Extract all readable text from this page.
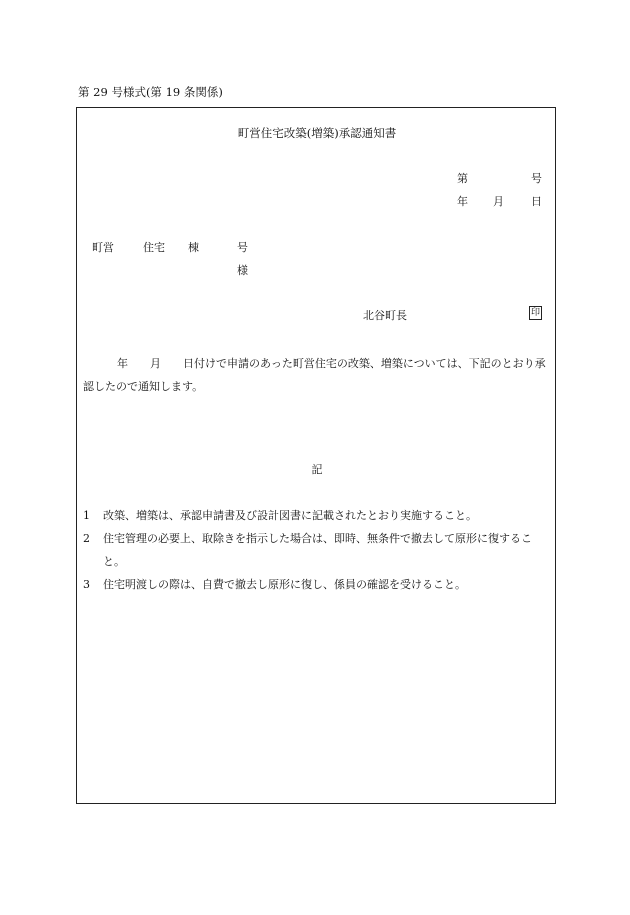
第 29 号様式(第 19 条関係)
町営住宅改築(増築)承認通知書
第	号
年 月 日
町営	住宅 棟	号
様
北谷町長	印
年　　月　　日付けで申請のあった町営住宅の改築、増築については、下記のとおり承認したので通知します。
記
1	改築、増築は、承認申請書及び設計図書に記載されたとおり実施すること。
2	住宅管理の必要上、取除きを指示した場合は、即時、無条件で撤去して原形に復すること。
3	住宅明渡しの際は、自費で撤去し原形に復し、係員の確認を受けること。
